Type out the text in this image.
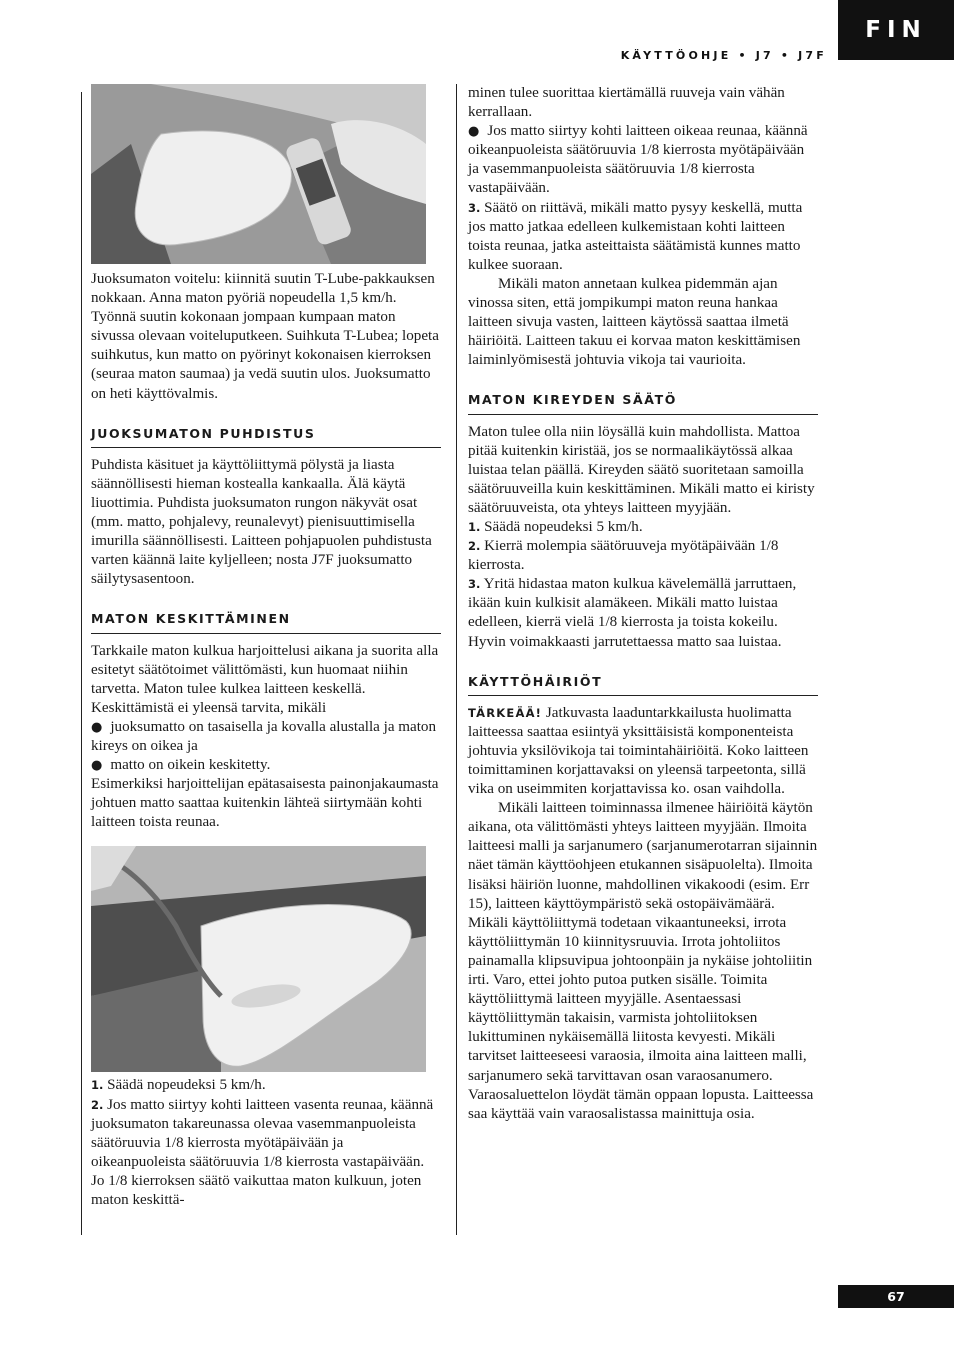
FIN
KÄYTTÖOHJE • J7 • J7F

Juoksumaton voitelu: kiinnitä suutin T-Lube-pakkauksen nokkaan. Anna maton pyöriä nopeudella 1,5 km/h. Työnnä suutin kokonaan jompaan kumpaan maton sivussa olevaan voiteluputkeen. Suihkuta T-Lubea; lopeta suihkutus, kun matto on pyörinyt kokonaisen kierroksen (seuraa maton saumaa) ja vedä suutin ulos. Juoksumatto on heti käyttövalmis.

JUOKSUMATON PUHDISTUS

Puhdista käsituet ja käyttöliittymä pölystä ja liasta säännöllisesti hieman kostealla kankaalla. Älä käytä liuottimia. Puhdista juoksumaton rungon näkyvät osat (mm. matto, pohjalevy, reunalevyt) pienisuuttimisella imurilla säännöllisesti. Laitteen pohjapuolen puhdistusta varten käännä laite kyljelleen; nosta J7F juoksumatto säilytysasentoon.

MATON KESKITTÄMINEN

Tarkkaile maton kulkua harjoittelusi aikana ja suorita alla esitetyt säätötoimet välittömästi, kun huomaat niihin tarvetta. Maton tulee kulkea laitteen keskellä. Keskittämistä ei yleensä tarvita, mikäli

● juoksumatto on tasaisella ja kovalla alustalla ja maton kireys on oikea ja

● matto on oikein keskitetty.

Esimerkiksi harjoittelijan epätasaisesta painonjakaumasta johtuen matto saattaa kuitenkin lähteä siirtymään kohti laitteen toista reunaa.

1. Säädä nopeudeksi 5 km/h.

2. Jos matto siirtyy kohti laitteen vasenta reunaa, käännä juoksumaton takareunassa olevaa vasemmanpuoleista säätöruuvia 1/8 kierrosta myötäpäivään ja oikeanpuoleista säätöruuvia 1/8 kierrosta vastapäivään. Jo 1/8 kierroksen säätö vaikuttaa maton kulkuun, joten maton keskittä-

minen tulee suorittaa kiertämällä ruuveja vain vähän kerrallaan.

● Jos matto siirtyy kohti laitteen oikeaa reunaa, käännä oikeanpuoleista säätöruuvia 1/8 kierrosta myötäpäivään ja vasemmanpuoleista säätöruuvia 1/8 kierrosta vastapäivään.

3. Säätö on riittävä, mikäli matto pysyy keskellä, mutta jos matto jatkaa edelleen kulkemistaan kohti laitteen toista reunaa, jatka asteittaista säätämistä kunnes matto kulkee suoraan.

Mikäli maton annetaan kulkea pidemmän ajan vinossa siten, että jompikumpi maton reuna hankaa laitteen sivuja vasten, laitteen käytössä saattaa ilmetä häiriöitä. Laitteen takuu ei korvaa maton keskittämisen laiminlyömisestä johtuvia vikoja tai vaurioita.

MATON KIREYDEN SÄÄTÖ

Maton tulee olla niin löysällä kuin mahdollista. Mattoa pitää kuitenkin kiristää, jos se normaalikäytössä alkaa luistaa telan päällä. Kireyden säätö suoritetaan samoilla säätöruuveilla kuin keskittäminen. Mikäli matto ei kiristy säätöruuveista, ota yhteys laitteen myyjään.

1. Säädä nopeudeksi 5 km/h.

2. Kierrä molempia säätöruuveja myötäpäivään 1/8 kierrosta.

3. Yritä hidastaa maton kulkua kävelemällä jarruttaen, ikään kuin kulkisit alamäkeen. Mikäli matto luistaa edelleen, kierrä vielä 1/8 kierrosta ja toista kokeilu. Hyvin voimakkaasti jarrutettaessa matto saa luistaa.

KÄYTTÖHÄIRIÖT

TÄRKEÄÄ! Jatkuvasta laaduntarkkailusta huolimatta laitteessa saattaa esiintyä yksittäisistä komponenteista johtuvia yksilövikoja tai toimintahäiriöitä. Koko laitteen toimittaminen korjattavaksi on yleensä tarpeetonta, sillä vika on useimmiten korjattavissa ko. osan vaihdolla.

Mikäli laitteen toiminnassa ilmenee häiriöitä käytön aikana, ota välittömästi yhteys laitteen myyjään. Ilmoita laitteesi malli ja sarjanumero (sarjanumerotarran sijainnin näet tämän käyttöohjeen etukannen sisäpuolelta). Ilmoita lisäksi häiriön luonne, mahdollinen vikakoodi (esim. Err 15), laitteen käyttöympäristö sekä ostopäivämäärä. Mikäli käyttöliittymä todetaan vikaantuneeksi, irrota käyttöliittymän 10 kiinnitysruuvia. Irrota johtoliitos painamalla klipsuvipua johtoonpäin ja nykäise johtoliitin irti. Varo, ettei johto putoa putken sisälle. Toimita käyttöliittymä laitteen myyjälle. Asentaessasi käyttöliittymän takaisin, varmista johtoliitoksen lukittuminen nykäisemällä liitosta kevyesti. Mikäli tarvitset laitteeseesi varaosia, ilmoita aina laitteen malli, sarjanumero sekä tarvittavan osan varaosanumero. Varaosaluettelon löydät tämän oppaan lopusta. Laitteessa saa käyttää vain varaosalistassa mainittuja osia.

67
